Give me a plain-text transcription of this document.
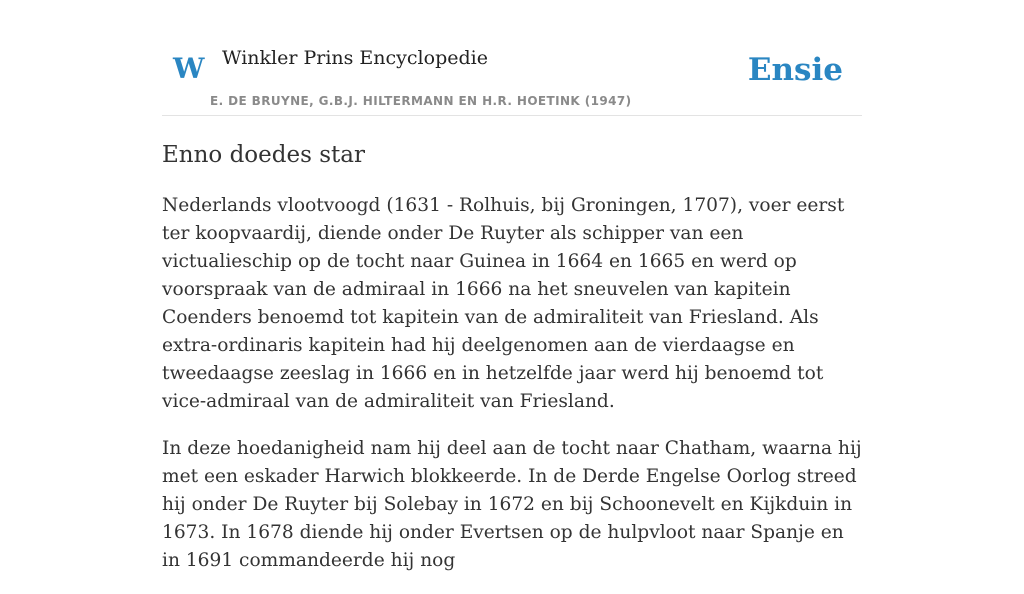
W Winkler Prins Encyclopedie	Ensie
E. DE BRUYNE, G.B.J. HILTERMANN EN H.R. HOETINK (1947)
Enno doedes star

Nederlands vlootvoogd (1631 - Rolhuis, bij Groningen, 1707), voer eerst ter koopvaardij, diende onder De Ruyter als schipper van een victualieschip op de tocht naar Guinea in 1664 en 1665 en werd op voorspraak van de admiraal in 1666 na het sneuvelen van kapitein Coenders benoemd tot kapitein van de admiraliteit van Friesland. Als extra-ordinaris kapitein had hij deelgenomen aan de vierdaagse en tweedaagse zeeslag in 1666 en in hetzelfde jaar werd hij benoemd tot vice-admiraal van de admiraliteit van Friesland.

In deze hoedanigheid nam hij deel aan de tocht naar Chatham, waarna hij met een eskader Harwich blokkeerde. In de Derde Engelse Oorlog streed hij onder De Ruyter bij Solebay in 1672 en bij Schoonevelt en Kijkduin in 1673. In 1678 diende hij onder Evertsen op de hulpvloot naar Spanje en in 1691 commandeerde hij nog
